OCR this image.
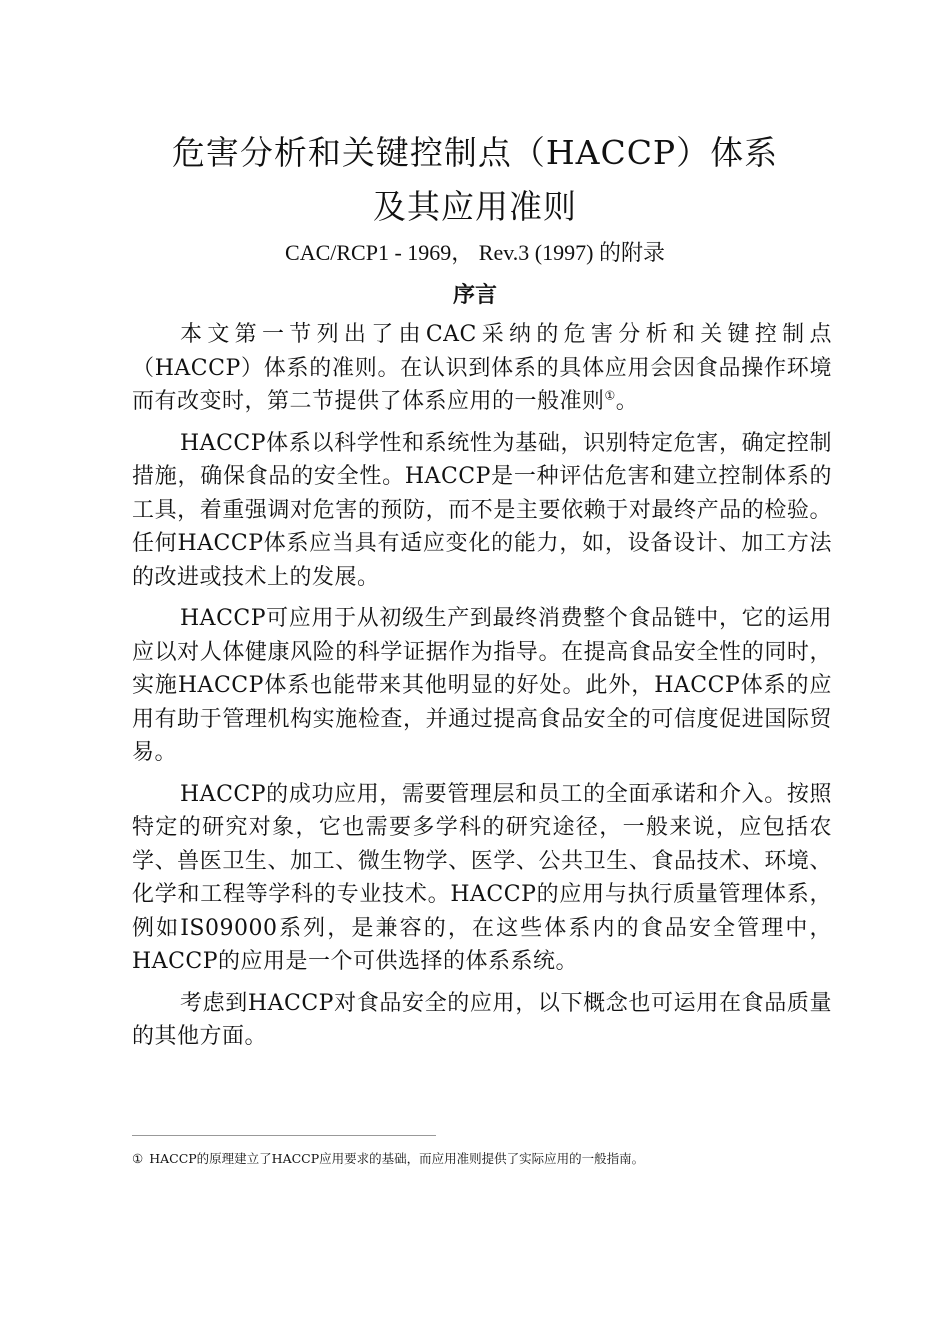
危害分析和关键控制点（HACCP）体系
及其应用准则
CAC/RCP1 - 1969， Rev.3 (1997) 的附录
序言

本文第一节列出了由CAC采纳的危害分析和关键控制点（HACCP）体系的准则。在认识到体系的具体应用会因食品操作环境而有改变时，第二节提供了体系应用的一般准则①。

HACCP体系以科学性和系统性为基础，识别特定危害，确定控制措施，确保食品的安全性。HACCP是一种评估危害和建立控制体系的工具，着重强调对危害的预防，而不是主要依赖于对最终产品的检验。任何HACCP体系应当具有适应变化的能力，如，设备设计、加工方法的改进或技术上的发展。

HACCP可应用于从初级生产到最终消费整个食品链中，它的运用应以对人体健康风险的科学证据作为指导。在提高食品安全性的同时，实施HACCP体系也能带来其他明显的好处。此外，HACCP体系的应用有助于管理机构实施检查，并通过提高食品安全的可信度促进国际贸易。

HACCP的成功应用，需要管理层和员工的全面承诺和介入。按照特定的研究对象，它也需要多学科的研究途径，一般来说，应包括农学、兽医卫生、加工、微生物学、医学、公共卫生、食品技术、环境、化学和工程等学科的专业技术。HACCP的应用与执行质量管理体系，例如IS09000系列，是兼容的，在这些体系内的食品安全管理中，HACCP的应用是一个可供选择的体系系统。

考虑到HACCP对食品安全的应用，以下概念也可运用在食品质量的其他方面。

① HACCP的原理建立了HACCP应用要求的基础，而应用准则提供了实际应用的一般指南。
